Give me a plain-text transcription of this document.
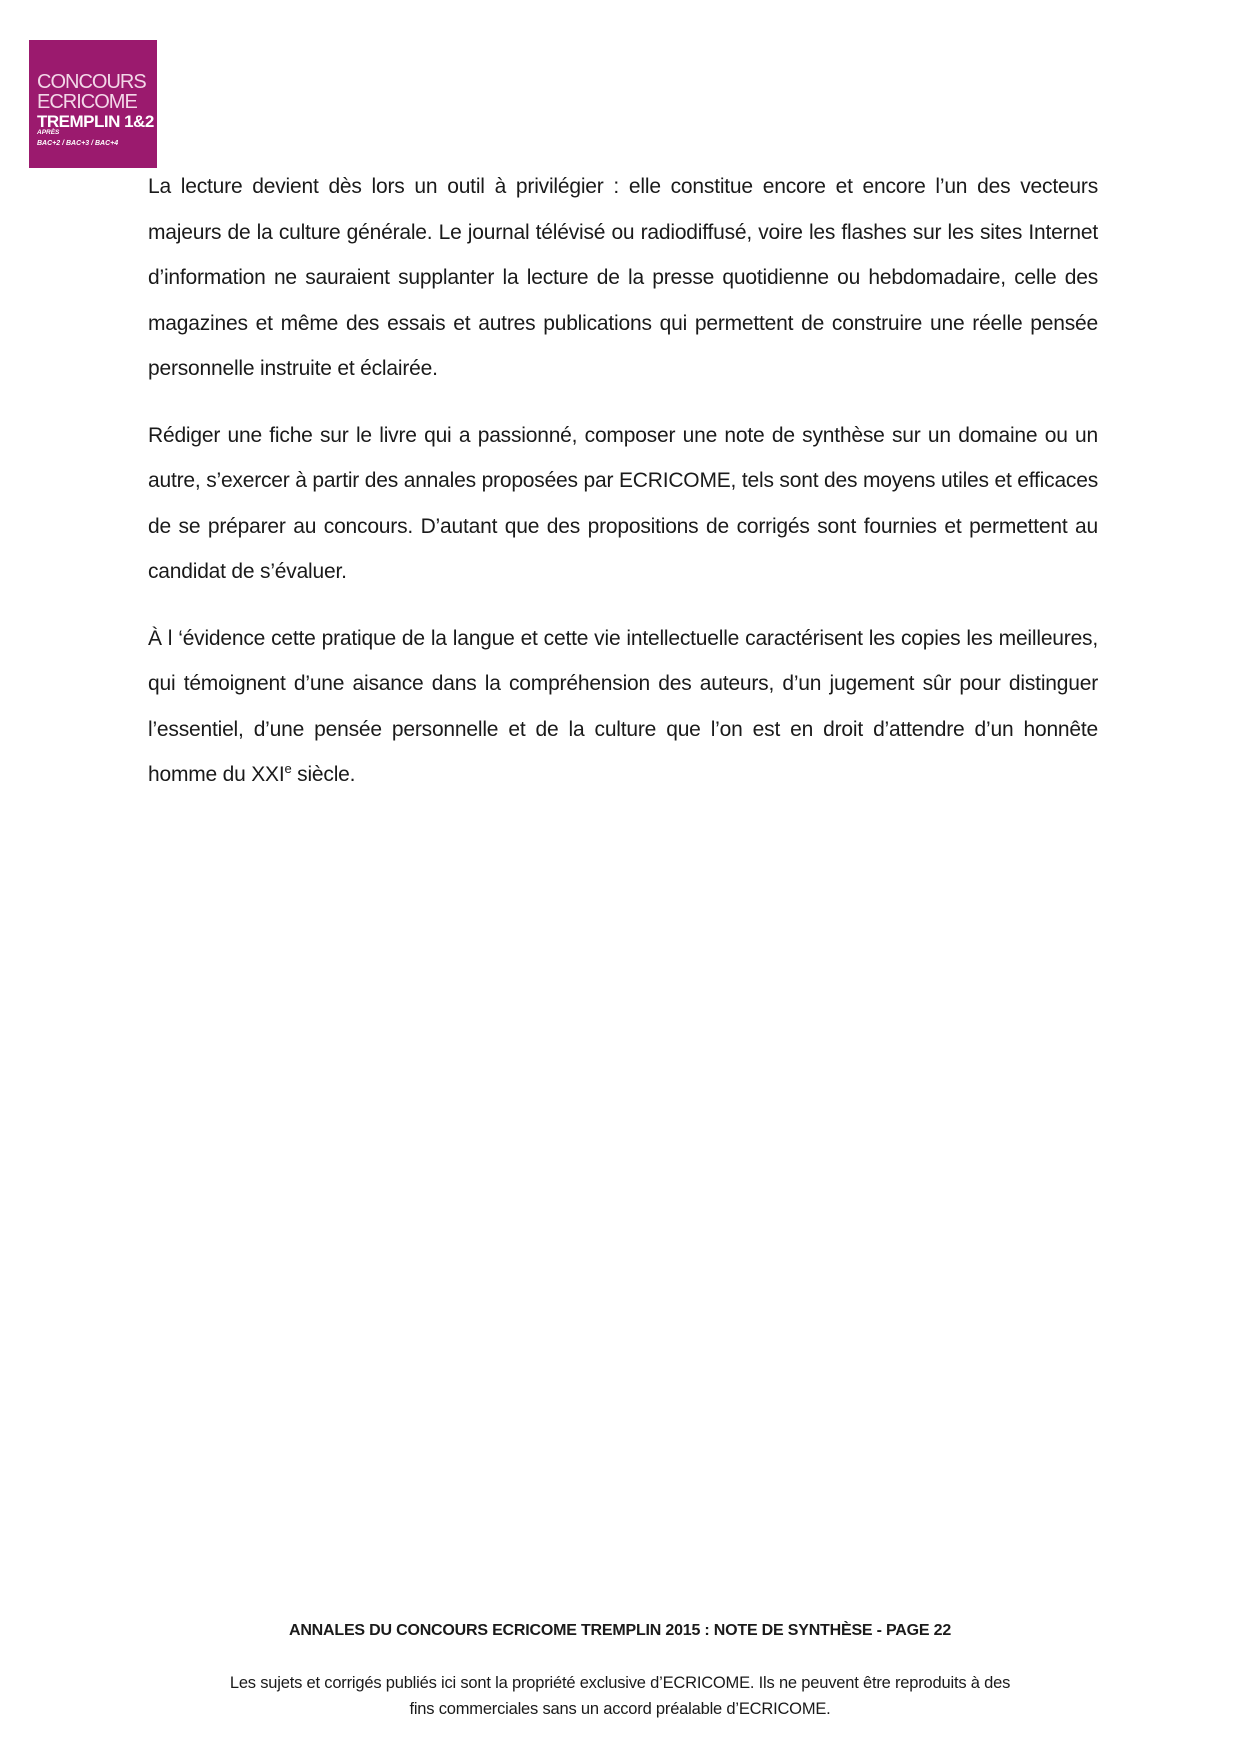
CONCOURS
ECRICOME
TREMPLIN 1&2
APRÈS
BAC+2 / BAC+3 / BAC+4

La lecture devient dès lors un outil à privilégier : elle constitue encore et encore l’un des vecteurs majeurs de la culture générale. Le journal télévisé ou radiodiffusé, voire les flashes sur les sites Internet d’information ne sauraient supplanter la lecture de la presse quotidienne ou hebdomadaire, celle des magazines et même des essais et autres publications qui permettent de construire une réelle pensée personnelle instruite et éclairée.

Rédiger une fiche sur le livre qui a passionné, composer une note de synthèse sur un domaine ou un autre, s’exercer à partir des annales proposées par ECRICOME, tels sont des moyens utiles et efficaces de se préparer au concours. D’autant que des propositions de corrigés sont fournies et permettent au candidat de s’évaluer.

À l ‘évidence cette pratique de la langue et cette vie intellectuelle caractérisent les copies les meilleures, qui témoignent d’une aisance dans la compréhension des auteurs, d’un jugement sûr pour distinguer l’essentiel, d’une pensée personnelle et de la culture que l’on est en droit d’attendre d’un honnête homme du XXIe siècle.

ANNALES DU CONCOURS ECRICOME TREMPLIN 2015 : NOTE DE SYNTHÈSE - PAGE 22
Les sujets et corrigés publiés ici sont la propriété exclusive d’ECRICOME. Ils ne peuvent être reproduits à des
fins commerciales sans un accord préalable d’ECRICOME.
